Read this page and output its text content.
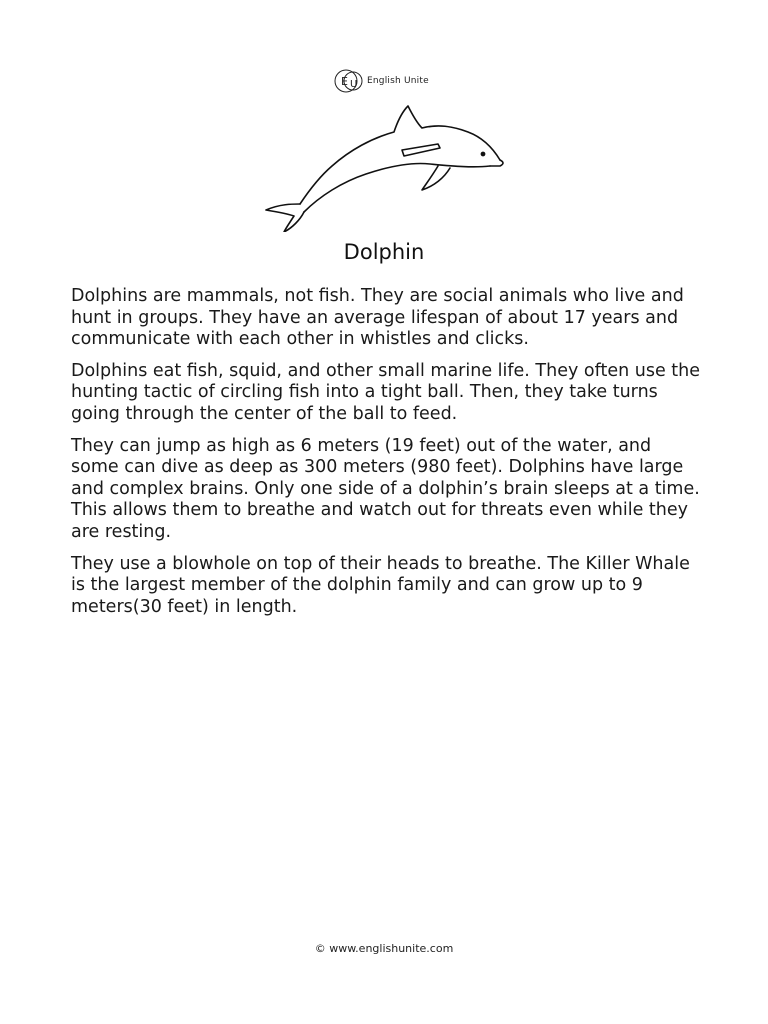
E U English Unite
Dolphin

Dolphins are mammals, not fish. They are social animals who live and hunt in groups. They have an average lifespan of about 17 years and communicate with each other in whistles and clicks.

Dolphins eat fish, squid, and other small marine life. They often use the hunting tactic of circling fish into a tight ball. Then, they take turns going through the center of the ball to feed.

They can jump as high as 6 meters (19 feet) out of the water, and some can dive as deep as 300 meters (980 feet). Dolphins have large and complex brains. Only one side of a dolphin’s brain sleeps at a time. This allows them to breathe and watch out for threats even while they are resting.

They use a blowhole on top of their heads to breathe. The Killer Whale is the largest member of the dolphin family and can grow up to 9 meters(30 feet) in length.

© www.englishunite.com
